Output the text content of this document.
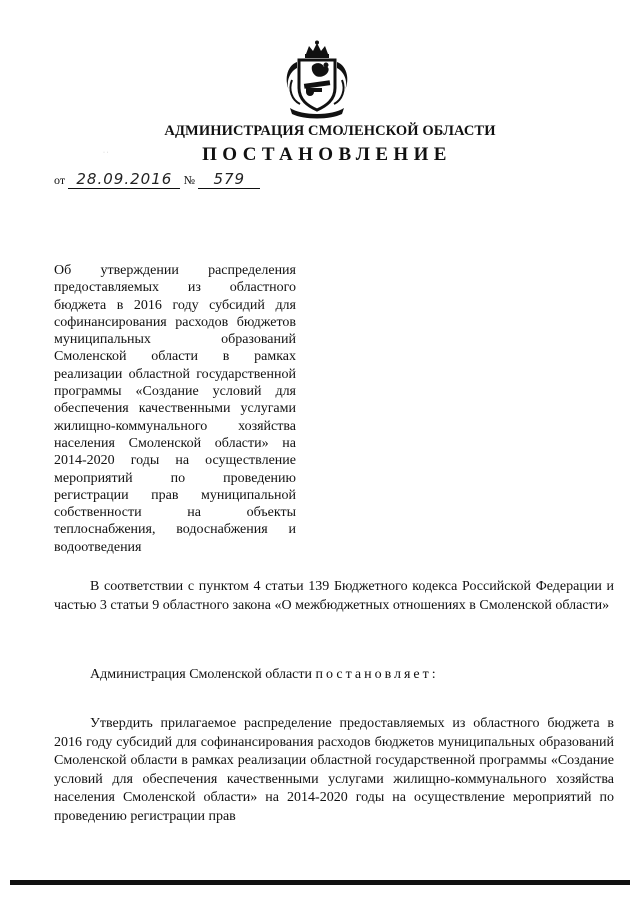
· ·
АДМИНИСТРАЦИЯ СМОЛЕНСКОЙ ОБЛАСТИ
ПОСТАНОВЛЕНИЕ
от 28.09.2016 № 579
Об утверждении распределения предоставляемых из областного бюджета в 2016 году субсидий для софинансирования расходов бюджетов муниципальных образований Смоленской области в рамках реализации областной государственной программы «Создание условий для обеспечения качественными услугами жилищно-коммунального хозяйства населения Смоленской области» на 2014-2020 годы на осуществление мероприятий по проведению регистрации прав муниципальной собственности на объекты теплоснабжения, водоснабжения и водоотведения

В соответствии с пунктом 4 статьи 139 Бюджетного кодекса Российской Федерации и частью 3 статьи 9 областного закона «О межбюджетных отношениях в Смоленской области»

Администрация Смоленской области постановляет:

Утвердить прилагаемое распределение предоставляемых из областного бюджета в 2016 году субсидий для софинансирования расходов бюджетов муниципальных образований Смоленской области в рамках реализации областной государственной программы «Создание условий для обеспечения качественными услугами жилищно-коммунального хозяйства населения Смоленской области» на 2014-2020 годы на осуществление мероприятий по проведению регистрации прав
